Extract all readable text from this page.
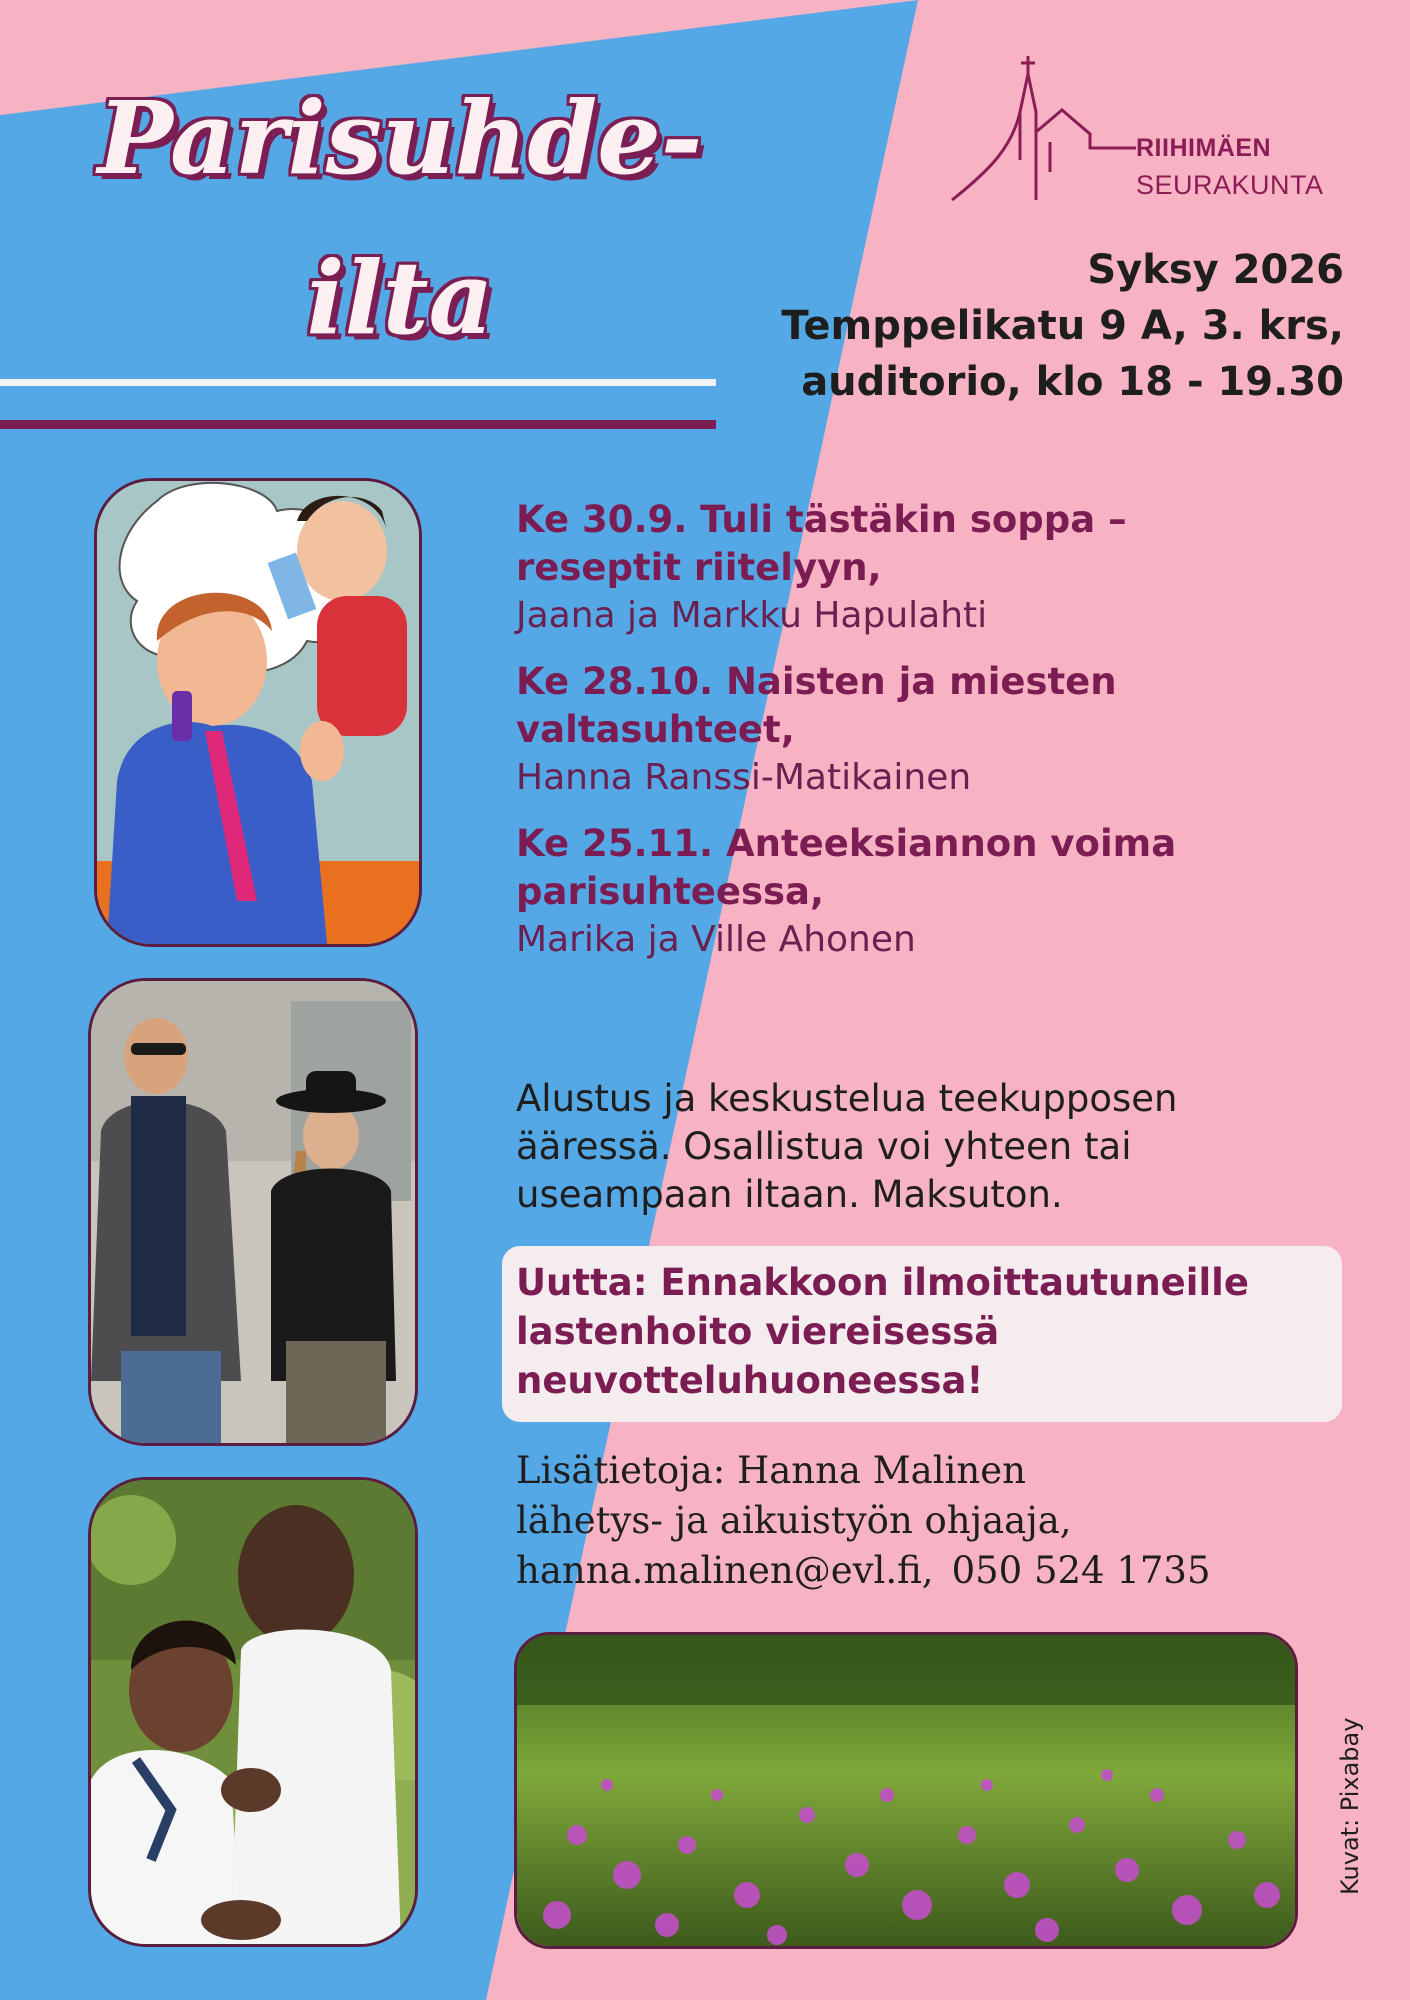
Parisuhde-

ilta

RIIHIMÄEN
SEURAKUNTA
Syksy 2026
Temppelikatu 9 A, 3. krs,
auditorio, klo 18 - 19.30
Ke 30.9. Tuli tästäkin soppa –
reseptit riitelyyn,
Jaana ja Markku Hapulahti
Ke 28.10. Naisten ja miesten
valtasuhteet,
Hanna Ranssi-Matikainen
Ke 25.11. Anteeksiannon voima
parisuhteessa,
Marika ja Ville Ahonen
Alustus ja keskustelua teekupposen
ääressä. Osallistua voi yhteen tai
useampaan iltaan. Maksuton.
Uutta: Ennakkoon ilmoittautuneille
lastenhoito viereisessä
neuvotteluhuoneessa!
Lisätietoja: Hanna Malinen
lähetys- ja aikuistyön ohjaaja,
hanna.malinen@evl.fi, 050 524 1735
Kuvat: Pixabay
